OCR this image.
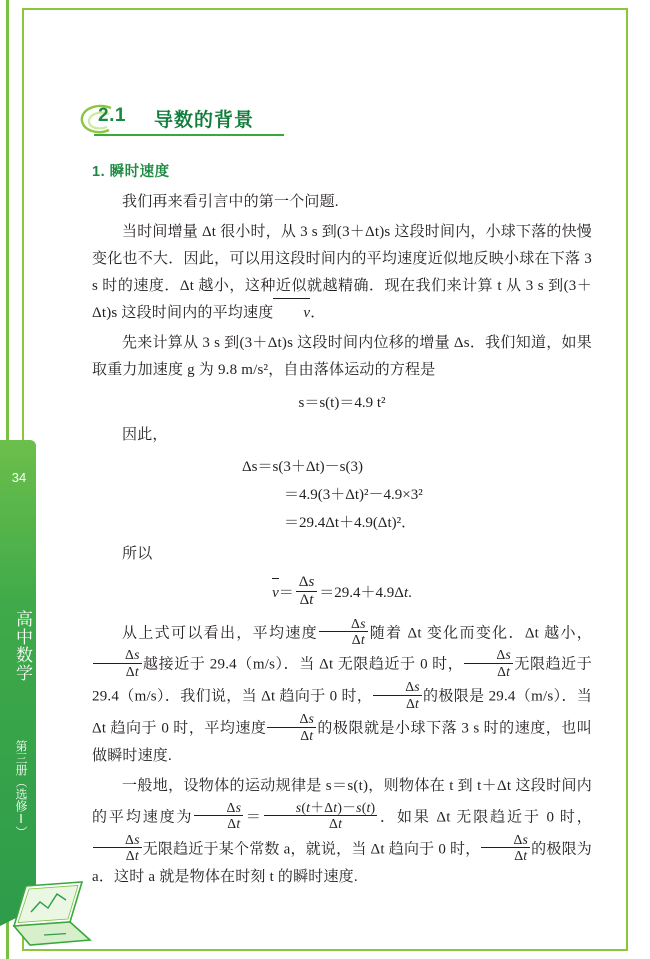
34
高中数学
第三册（选修Ⅰ）
2.1 导数的背景
1. 瞬时速度

我们再来看引言中的第一个问题.

当时间增量 Δt 很小时，从 3 s 到(3＋Δt)s 这段时间内，小球下落的快慢变化也不大．因此，可以用这段时间内的平均速度近似地反映小球在下落 3 s 时的速度．Δt 越小，这种近似就越精确．现在我们来计算 t 从 3 s 到(3＋Δt)s 这段时间内的平均速度 v．

先来计算从 3 s 到(3＋Δt)s 这段时间内位移的增量 Δs．我们知道，如果取重力加速度 g 为 9.8 m/s²，自由落体运动的方程是

s＝s(t)＝4.9 t²

因此，

Δs＝s(3＋Δt)－s(3)
＝4.9(3＋Δt)²－4.9×3²
＝29.4Δt＋4.9(Δt)²．

所以

$v= \frac{\Delta s}{\Delta t} =29.4+4.9\Delta t$.

从上式可以看出，平均速度 $\frac{\Delta s}{\Delta t}$ 随着 Δt 变化而变化．Δt 越小，
$\frac{\Delta s}{\Delta t}$ 越接近于 29.4（m/s）．当 Δt 无限趋近于 0 时， $\frac{\Delta s}{\Delta t}$ 无限趋近于 29.4（m/s）．我们说，当 Δt 趋向于 0 时， $\frac{\Delta s}{\Delta t}$ 的极限是 29.4（m/s）．当 Δt 趋向于 0 时，平均速度 $\frac{\Delta s}{\Delta t}$ 的极限就是小球下落 3 s 时的速度，也叫做瞬时速度.

一般地，设物体的运动规律是 s＝s(t)，则物体在 t 到 t＋Δt 这段时间内的平均速度为 $\frac{\Delta s}{\Delta t} = \frac{s(t+\Delta t)-s(t)}{\Delta t}$ ．如果 Δt 无限趋近于 0 时，
$\frac{\Delta s}{\Delta t}$ 无限趋近于某个常数 a，就说，当 Δt 趋向于 0 时， $\frac{\Delta s}{\Delta t}$ 的极限为 a．这时 a 就是物体在时刻 t 的瞬时速度.
